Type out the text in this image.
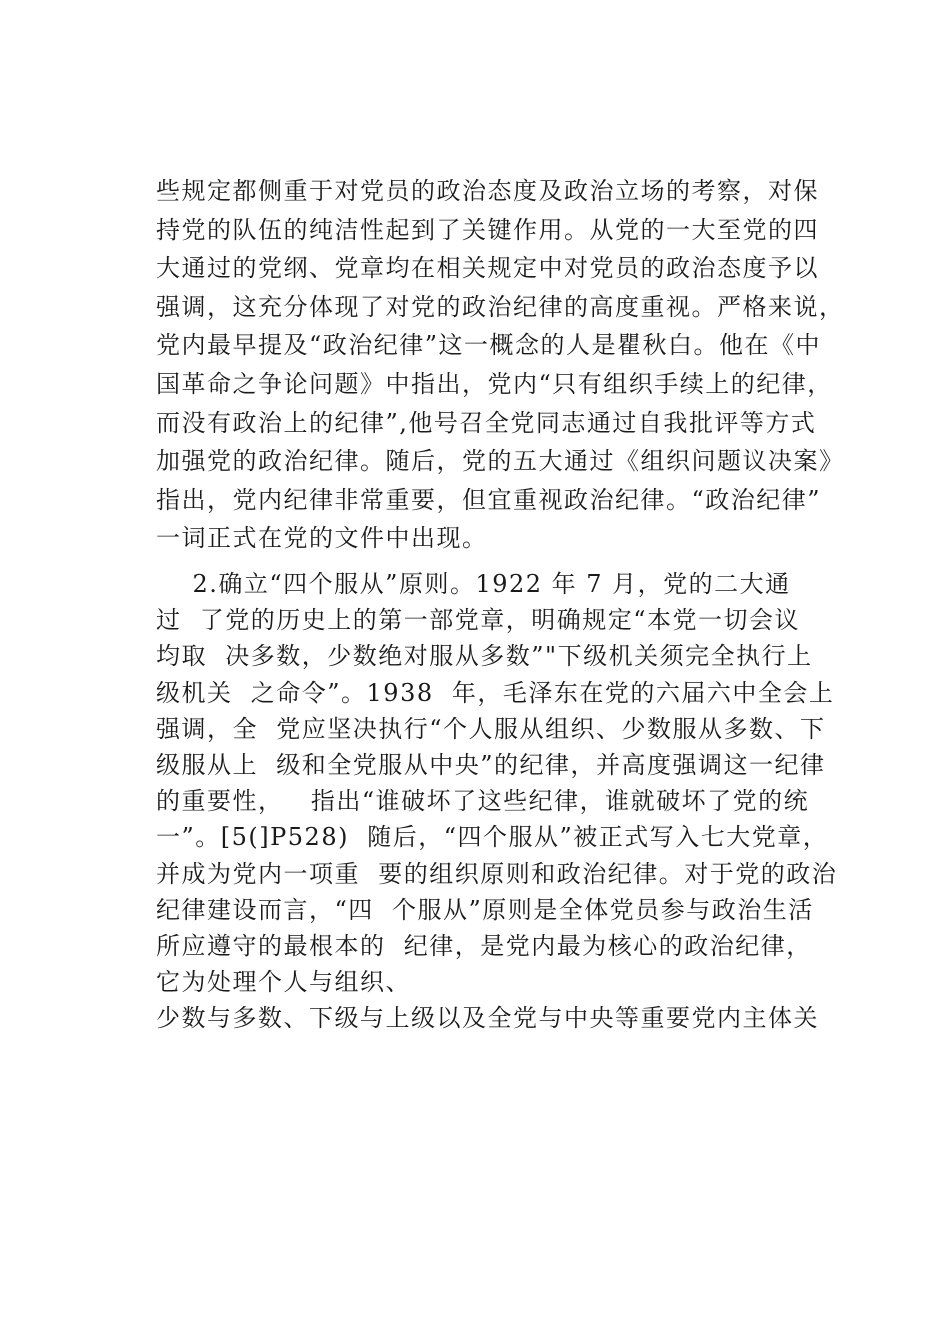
些规定都侧重于对党员的政治态度及政治立场的考察，对保
持党的队伍的纯洁性起到了关键作用。从党的一大至党的四
大通过的党纲、党章均在相关规定中对党员的政治态度予以
强调，这充分体现了对党的政治纪律的高度重视。严格来说，
党内最早提及“政治纪律”这一概念的人是瞿秋白。他在《中
国革命之争论问题》中指出，党内“只有组织手续上的纪律，
而没有政治上的纪律”,他号召全党同志通过自我批评等方式
加强党的政治纪律。随后，党的五大通过《组织问题议决案》
指出，党内纪律非常重要，但宜重视政治纪律。“政治纪律”
一词正式在党的文件中出现。
2.确立“四个服从”原则。1922 年 7 月，党的二大通
过  了党的历史上的第一部党章，明确规定“本党一切会议
均取  决多数，少数绝对服从多数”"下级机关须完全执行上
级机关  之命令”。1938  年，毛泽东在党的六届六中全会上
强调，全  党应坚决执行“个人服从组织、少数服从多数、下
级服从上  级和全党服从中央”的纪律，并高度强调这一纪律
的重要性，   指出“谁破坏了这些纪律，谁就破坏了党的统
一”。[5(]P528)  随后，“四个服从”被正式写入七大党章，
并成为党内一项重  要的组织原则和政治纪律。对于党的政治
纪律建设而言，“四  个服从”原则是全体党员参与政治生活
所应遵守的最根本的  纪律，是党内最为核心的政治纪律，
它为处理个人与组织、
少数与多数、下级与上级以及全党与中央等重要党内主体关
